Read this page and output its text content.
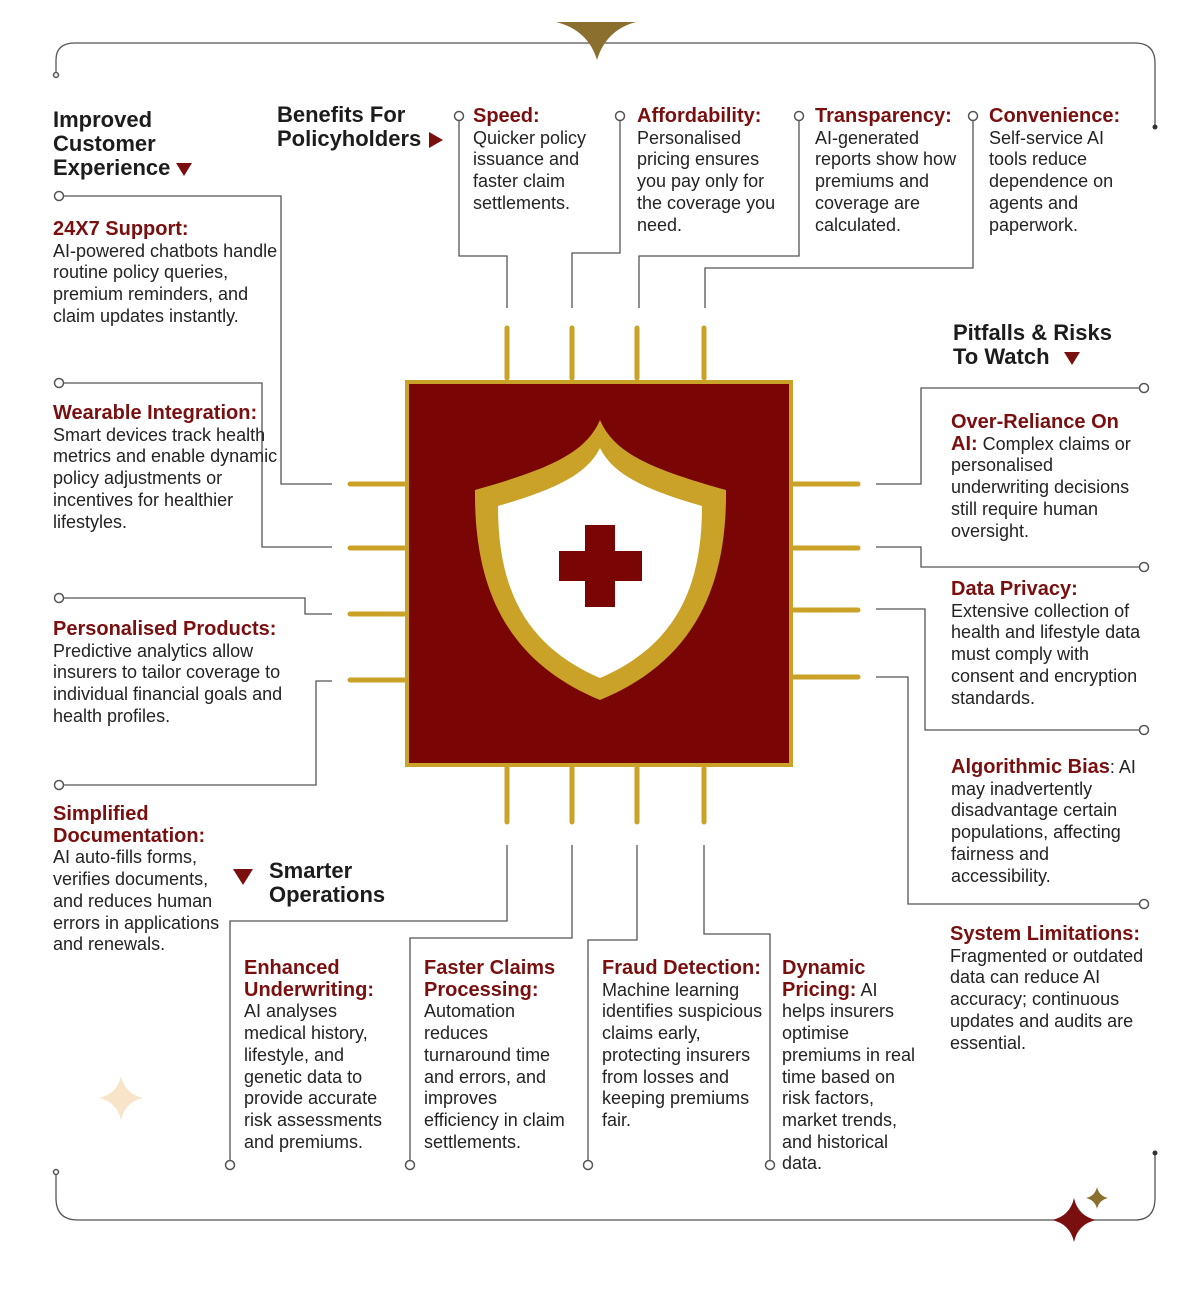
Improved Customer Experience
Benefits For Policyholders
Pitfalls & Risks To Watch
Smarter Operations
24X7 Support:
AI-powered chatbots handle routine policy queries, premium reminders, and claim updates instantly.
Wearable Integration: Smart devices track health metrics and enable dynamic policy adjustments or incentives for healthier lifestyles.
Personalised Products: Predictive analytics allow insurers to tailor coverage to individual financial goals and health profiles.
Simplified Documentation:
AI auto-fills forms, verifies documents, and reduces human errors in applications and renewals.
Speed:
Quicker policy issuance and faster claim settlements.
Affordability:
Personalised pricing ensures you pay only for the coverage you need.
Transparency:
AI-generated reports show how premiums and coverage are calculated.
Convenience:
Self-service AI tools reduce dependence on agents and paperwork.
Over-Reliance On AI: Complex claims or personalised underwriting decisions still require human oversight.
Data Privacy:
Extensive collection of health and lifestyle data must comply with consent and encryption standards.
Algorithmic Bias: AI may inadvertently disadvantage certain populations, affecting fairness and accessibility.
System Limitations:
Fragmented or outdated data can reduce AI accuracy; continuous updates and audits are essential.
Enhanced Underwriting:
AI analyses medical history, lifestyle, and genetic data to provide accurate risk assessments and premiums.
Faster Claims Processing:
Automation reduces turnaround time and errors, and improves efficiency in claim settlements.
Fraud Detection:
Machine learning identifies suspicious claims early, protecting insurers from losses and keeping premiums fair.
Dynamic Pricing: AI helps insurers optimise premiums in real time based on risk factors, market trends, and historical data.
